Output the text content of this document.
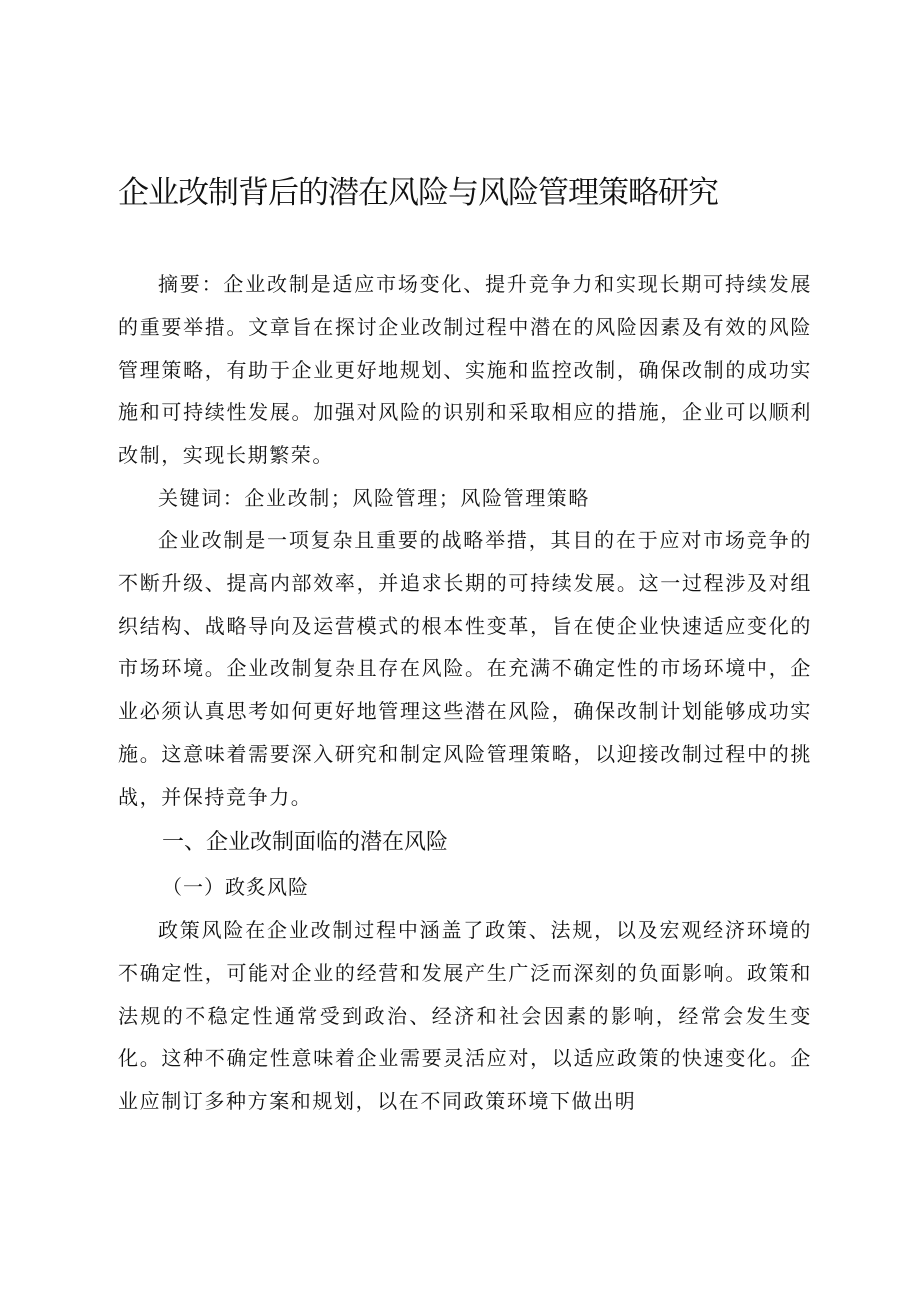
企业改制背后的潜在风险与风险管理策略研究

摘要：企业改制是适应市场变化、提升竞争力和实现长期可持续发展的重要举措。文章旨在探讨企业改制过程中潜在的风险因素及有效的风险管理策略，有助于企业更好地规划、实施和监控改制，确保改制的成功实施和可持续性发展。加强对风险的识别和采取相应的措施，企业可以顺利改制，实现长期繁荣。

关键词：企业改制；风险管理；风险管理策略

企业改制是一项复杂且重要的战略举措，其目的在于应对市场竞争的不断升级、提高内部效率，并追求长期的可持续发展。这一过程涉及对组织结构、战略导向及运营模式的根本性变革，旨在使企业快速适应变化的市场环境。企业改制复杂且存在风险。在充满不确定性的市场环境中，企业必须认真思考如何更好地管理这些潜在风险，确保改制计划能够成功实施。这意味着需要深入研究和制定风险管理策略，以迎接改制过程中的挑战，并保持竞争力。

一、企业改制面临的潜在风险
（一）政炙风险

政策风险在企业改制过程中涵盖了政策、法规，以及宏观经济环境的不确定性，可能对企业的经营和发展产生广泛而深刻的负面影响。政策和法规的不稳定性通常受到政治、经济和社会因素的影响，经常会发生变化。这种不确定性意味着企业需要灵活应对，以适应政策的快速变化。企业应制订多种方案和规划，以在不同政策环境下做出明
